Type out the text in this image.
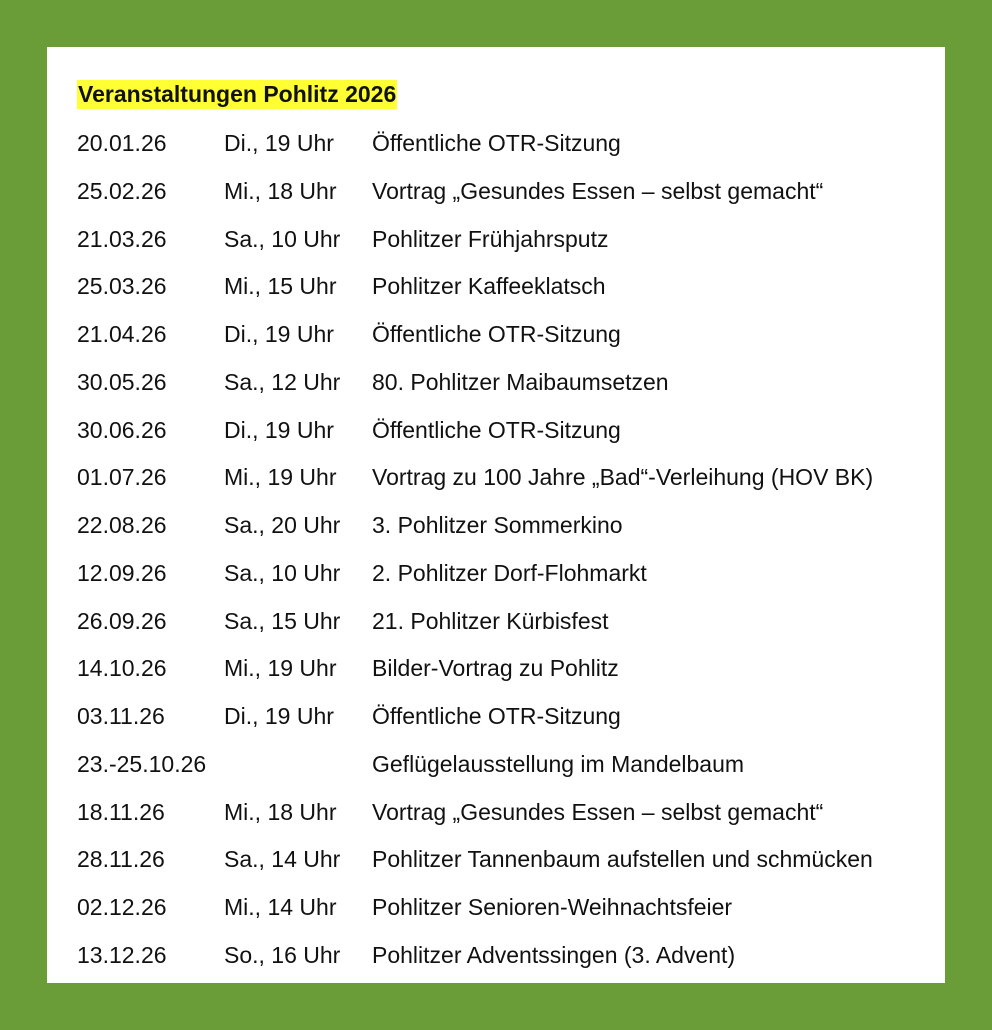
Veranstaltungen Pohlitz 2026
20.01.26 Di., 19 Uhr Öffentliche OTR-Sitzung
25.02.26 Mi., 18 Uhr Vortrag „Gesundes Essen – selbst gemacht“
21.03.26 Sa., 10 Uhr Pohlitzer Frühjahrsputz
25.03.26 Mi., 15 Uhr Pohlitzer Kaffeeklatsch
21.04.26 Di., 19 Uhr Öffentliche OTR-Sitzung
30.05.26 Sa., 12 Uhr 80. Pohlitzer Maibaumsetzen
30.06.26 Di., 19 Uhr Öffentliche OTR-Sitzung
01.07.26 Mi., 19 Uhr Vortrag zu 100 Jahre „Bad“-Verleihung (HOV BK)
22.08.26 Sa., 20 Uhr 3. Pohlitzer Sommerkino
12.09.26 Sa., 10 Uhr 2. Pohlitzer Dorf-Flohmarkt
26.09.26 Sa., 15 Uhr 21. Pohlitzer Kürbisfest
14.10.26 Mi., 19 Uhr Bilder-Vortrag zu Pohlitz
03.11.26	Di., 19 Uhr Öffentliche OTR-Sitzung
23.-25.10.26	Geflügelausstellung im Mandelbaum
18.11.26	Mi., 18 Uhr Vortrag „Gesundes Essen – selbst gemacht“
28.11.26	Sa., 14 Uhr Pohlitzer Tannenbaum aufstellen und schmücken
02.12.26 Mi., 14 Uhr Pohlitzer Senioren-Weihnachtsfeier
13.12.26 So., 16 Uhr Pohlitzer Adventssingen (3. Advent)
